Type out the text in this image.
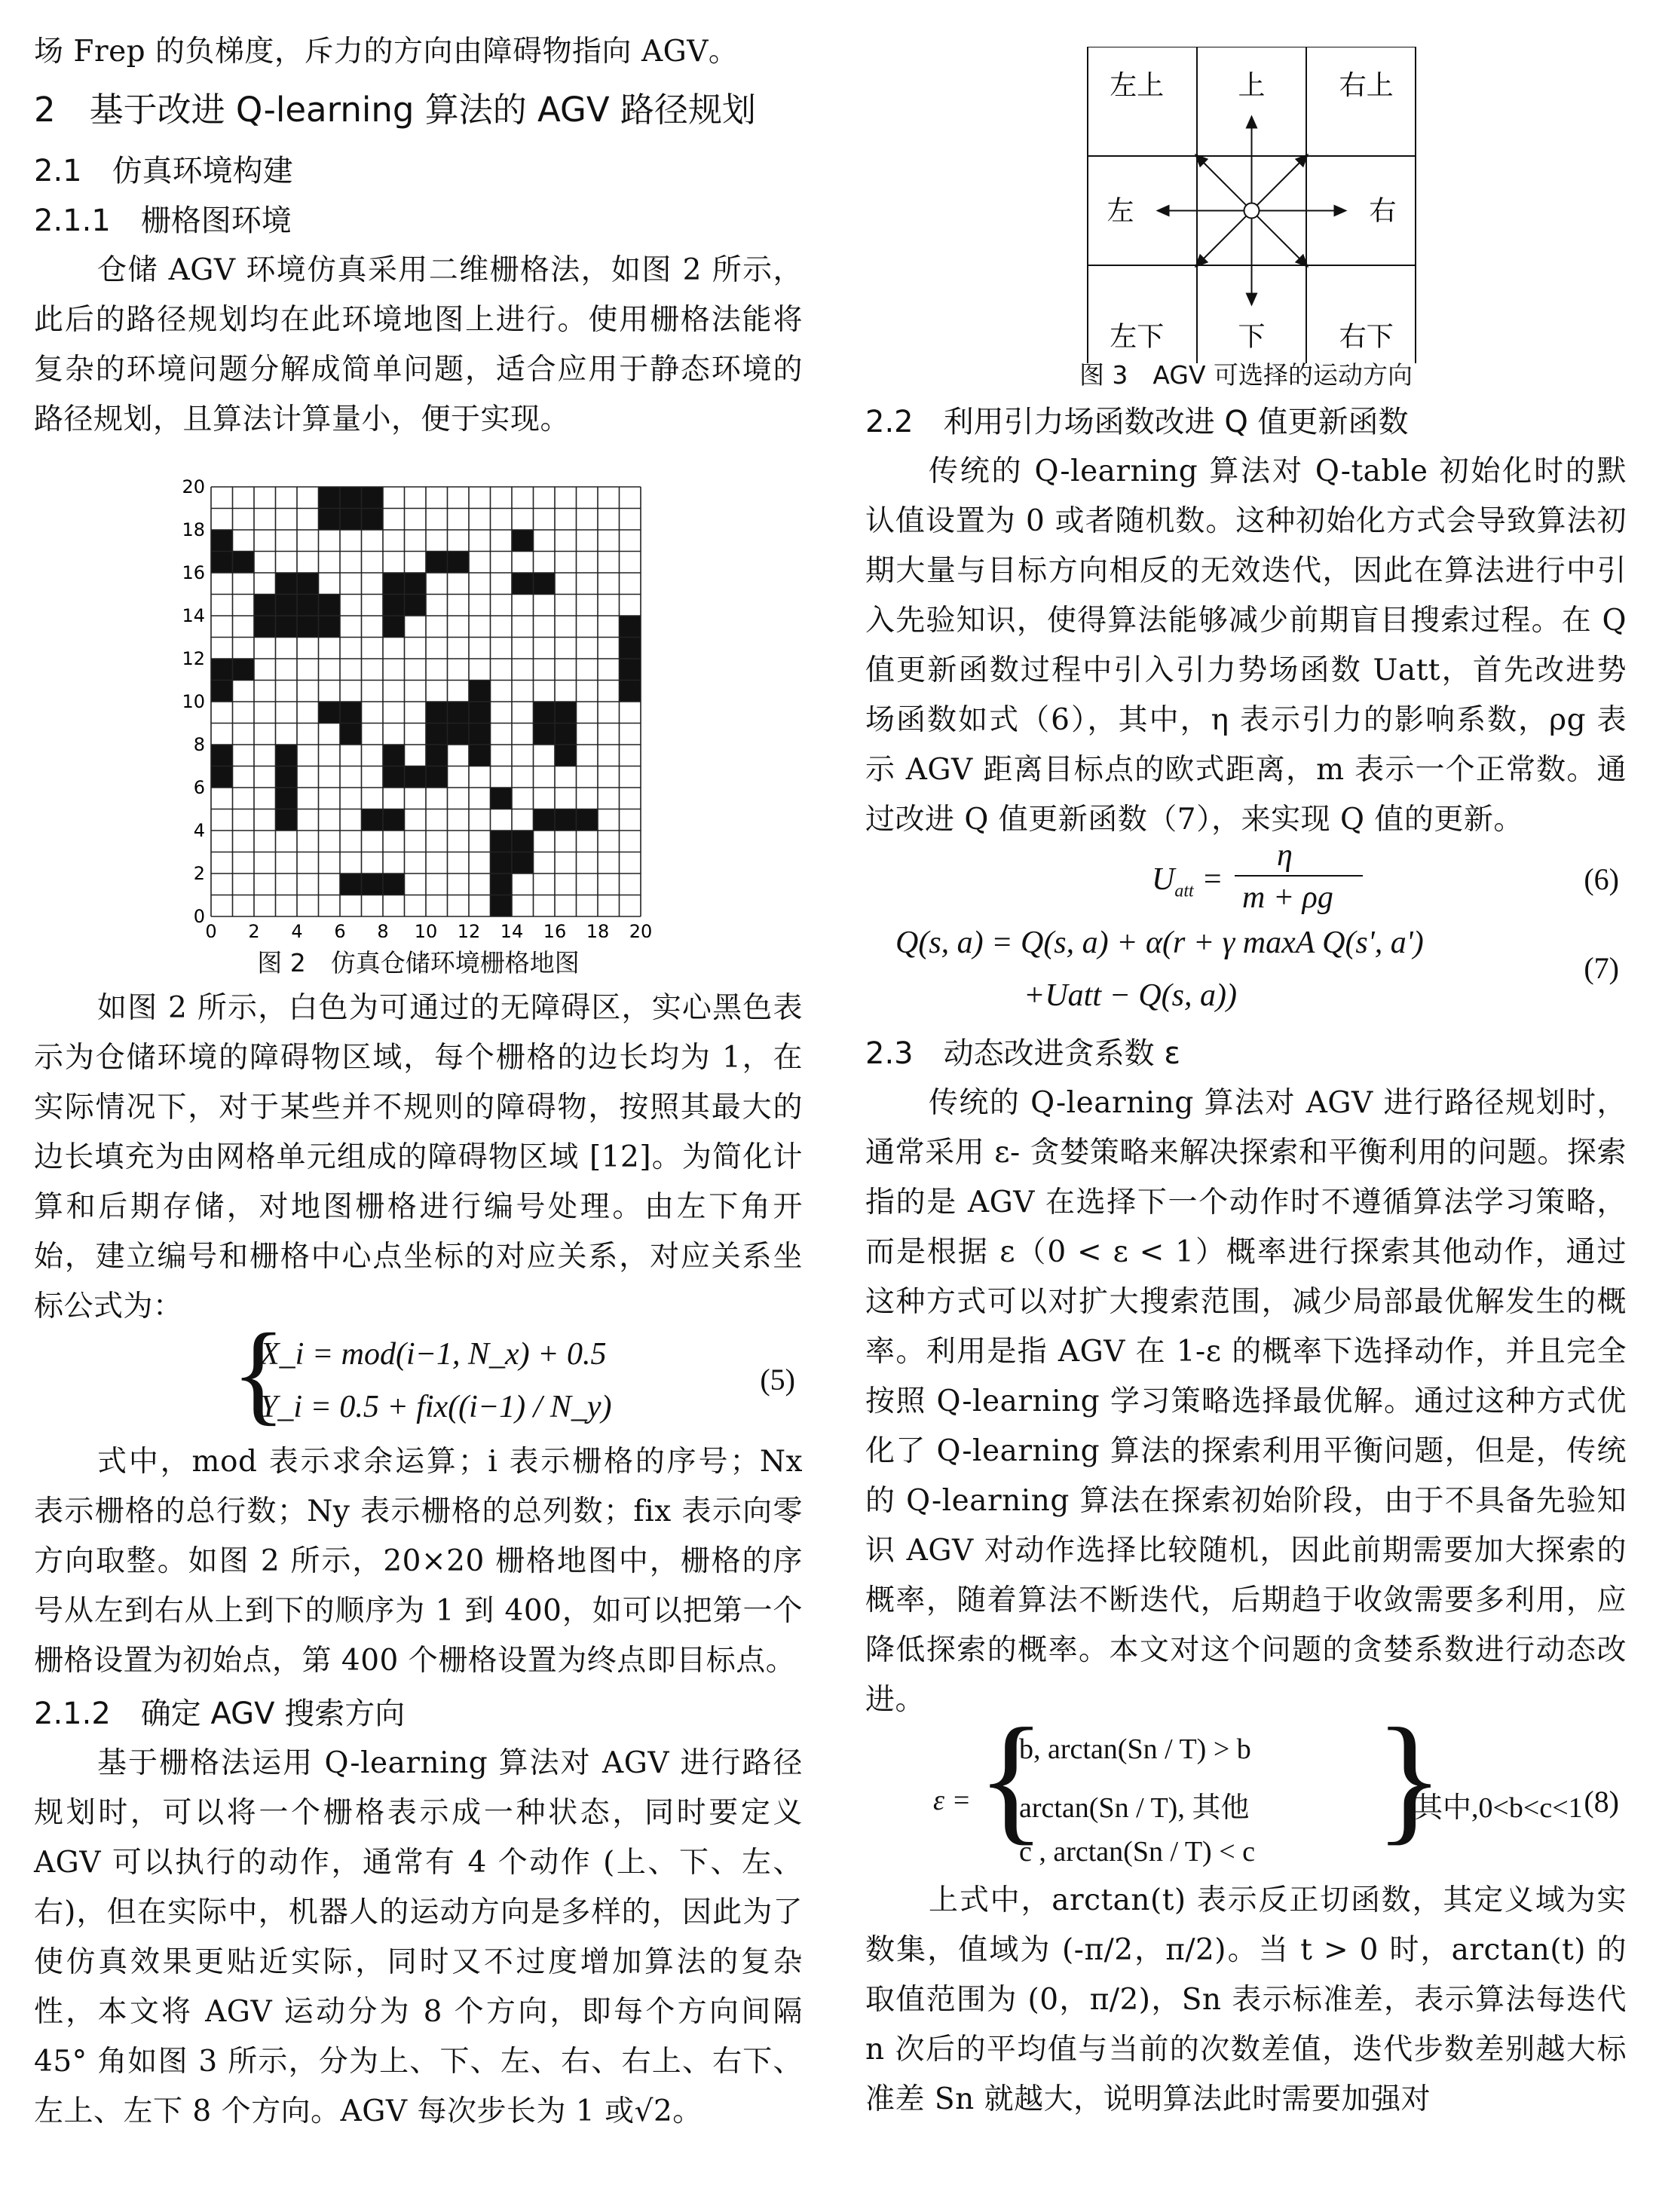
场 Frep 的负梯度，斥力的方向由障碍物指向 AGV。

2　基于改进 Q-learning 算法的 AGV 路径规划
2.1　仿真环境构建
2.1.1　栅格图环境

仓储 AGV 环境仿真采用二维栅格法，如图 2 所示，此后的路径规划均在此环境地图上进行。使用栅格法能将复杂的环境问题分解成简单问题，适合应用于静态环境的路径规划，且算法计算量小，便于实现。

0
0
2
2
4
4
6
6
8
8
10
10
12
12
14
14
16
16
18
18
20
20
图 2　仿真仓储环境栅格地图

如图 2 所示，白色为可通过的无障碍区，实心黑色表示为仓储环境的障碍物区域，每个栅格的边长均为 1，在实际情况下，对于某些并不规则的障碍物，按照其最大的边长填充为由网格单元组成的障碍物区域 [12]。为简化计算和后期存储，对地图栅格进行编号处理。由左下角开始，建立编号和栅格中心点坐标的对应关系，对应关系坐标公式为：

{
X_i = mod(i−1, N_x) + 0.5
Y_i = 0.5 + fix((i−1) / N_y)
(5)

式中，mod 表示求余运算；i 表示栅格的序号；Nx 表示栅格的总行数；Ny 表示栅格的总列数；fix 表示向零方向取整。如图 2 所示，20×20 栅格地图中，栅格的序号从左到右从上到下的顺序为 1 到 400，如可以把第一个栅格设置为初始点，第 400 个栅格设置为终点即目标点。

2.1.2　确定 AGV 搜索方向

基于栅格法运用 Q-learning 算法对 AGV 进行路径规划时，可以将一个栅格表示成一种状态，同时要定义 AGV 可以执行的动作，通常有 4 个动作 (上、下、左、右)，但在实际中，机器人的运动方向是多样的，因此为了使仿真效果更贴近实际，同时又不过度增加算法的复杂性，本文将 AGV 运动分为 8 个方向，即每个方向间隔 45° 角如图 3 所示，分为上、下、左、右、右上、右下、左上、左下 8 个方向。AGV 每次步长为 1 或√2。

左上	上	右上
左	右
左下	下	右下
图 3　AGV 可选择的运动方向
2.2　利用引力场函数改进 Q 值更新函数

传统的 Q-learning 算法对 Q-table 初始化时的默认值设置为 0 或者随机数。这种初始化方式会导致算法初期大量与目标方向相反的无效迭代，因此在算法进行中引入先验知识，使得算法能够减少前期盲目搜索过程。在 Q 值更新函数过程中引入引力势场函数 Uatt，首先改进势场函数如式（6），其中，η 表示引力的影响系数，ρg 表示 AGV 距离目标点的欧式距离，m 表示一个正常数。通过改进 Q 值更新函数（7），来实现 Q 值的更新。

$U_{att}$ =
η
m + ρg
(6)
Q(s, a) = Q(s, a) + α(r + γ maxA Q(s', a')
+Uatt − Q(s, a))
(7)
2.3　动态改进贪系数 ε

传统的 Q-learning 算法对 AGV 进行路径规划时，通常采用 ε- 贪婪策略来解决探索和平衡利用的问题。探索指的是 AGV 在选择下一个动作时不遵循算法学习策略，而是根据 ε（0 < ε < 1）概率进行探索其他动作，通过这种方式可以对扩大搜索范围，减少局部最优解发生的概率。利用是指 AGV 在 1-ε 的概率下选择动作，并且完全按照 Q-learning 学习策略选择最优解。通过这种方式优化了 Q-learning 算法的探索利用平衡问题，但是，传统的 Q-learning 算法在探索初始阶段，由于不具备先验知识 AGV 对动作选择比较随机，因此前期需要加大探索的概率，随着算法不断迭代，后期趋于收敛需要多利用，应降低探索的概率。本文对这个问题的贪婪系数进行动态改进。

ε = {
b, arctan(Sn / T) > b
arctan(Sn / T), 其他
c , arctan(Sn / T) < c }
其中,0<b<c<1 (8)

上式中，arctan(t) 表示反正切函数，其定义域为实数集，值域为 (-π/2，π/2)。当 t > 0 时，arctan(t) 的取值范围为 (0，π/2)，Sn 表示标准差，表示算法每迭代 n 次后的平均值与当前的次数差值，迭代步数差别越大标准差 Sn 就越大，说明算法此时需要加强对
